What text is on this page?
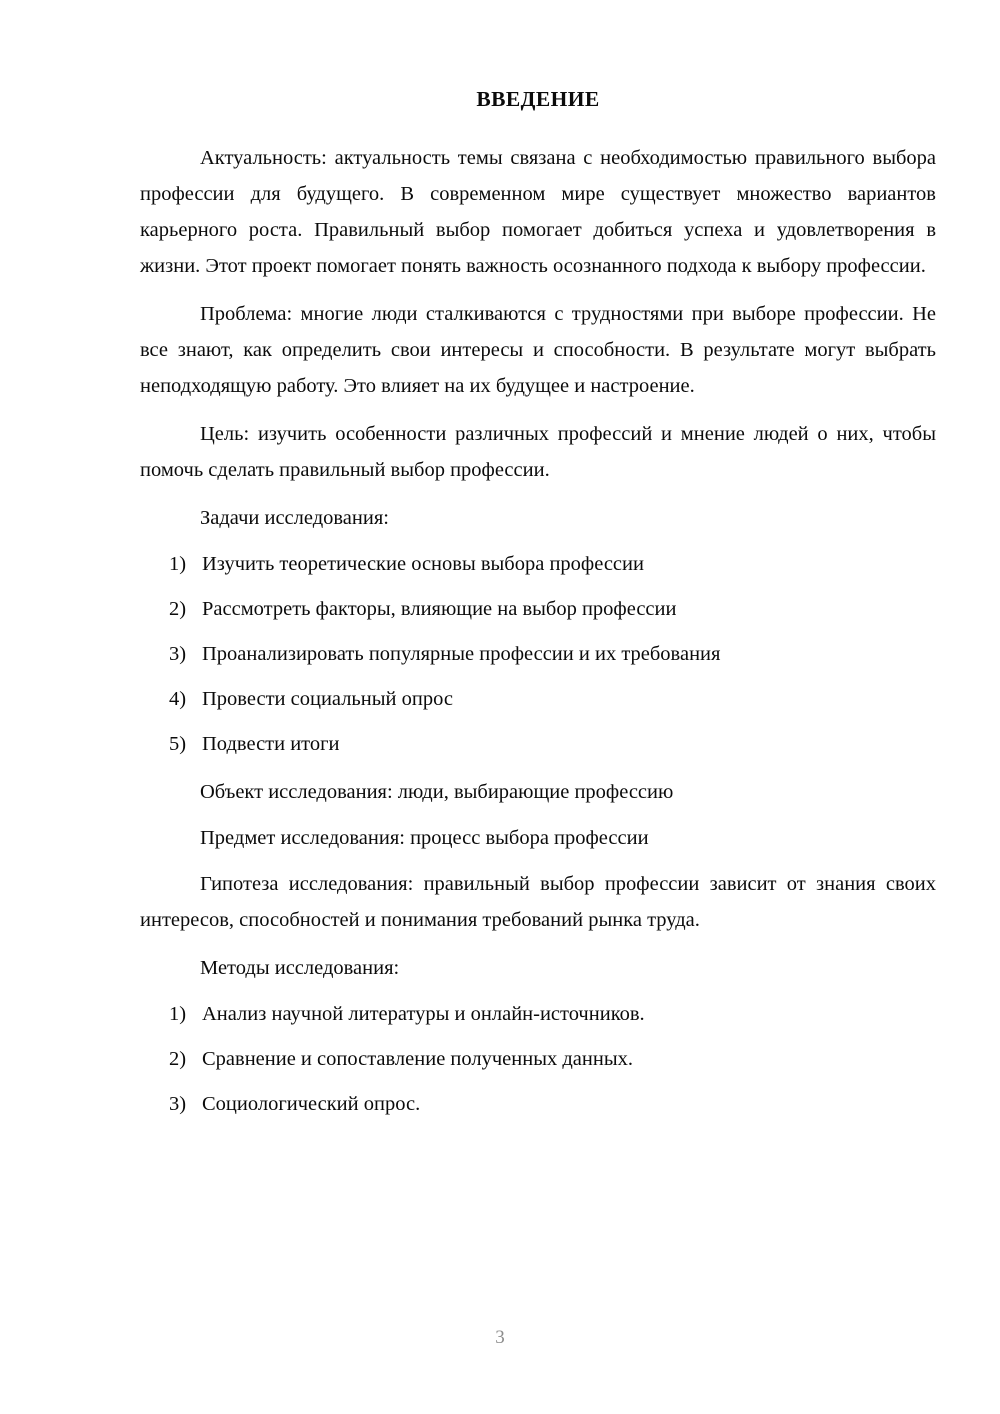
ВВЕДЕНИЕ

Актуальность: актуальность темы связана с необходимостью правильного выбора профессии для будущего. В современном мире существует множество вариантов карьерного роста. Правильный выбор помогает добиться успеха и удовлетворения в жизни. Этот проект помогает понять важность осознанного подхода к выбору профессии.

Проблема: многие люди сталкиваются с трудностями при выборе профессии. Не все знают, как определить свои интересы и способности. В результате могут выбрать неподходящую работу. Это влияет на их будущее и настроение.

Цель: изучить особенности различных профессий и мнение людей о них, чтобы помочь сделать правильный выбор профессии.

Задачи исследования:

1) Изучить теоретические основы выбора профессии
2) Рассмотреть факторы, влияющие на выбор профессии
3) Проанализировать популярные профессии и их требования
4) Провести социальный опрос
5) Подвести итоги

Объект исследования: люди, выбирающие профессию

Предмет исследования: процесс выбора профессии

Гипотеза исследования: правильный выбор профессии зависит от знания своих интересов, способностей и понимания требований рынка труда.

Методы исследования:

1) Анализ научной литературы и онлайн-источников.
2) Сравнение и сопоставление полученных данных.
3) Социологический опрос.
3
